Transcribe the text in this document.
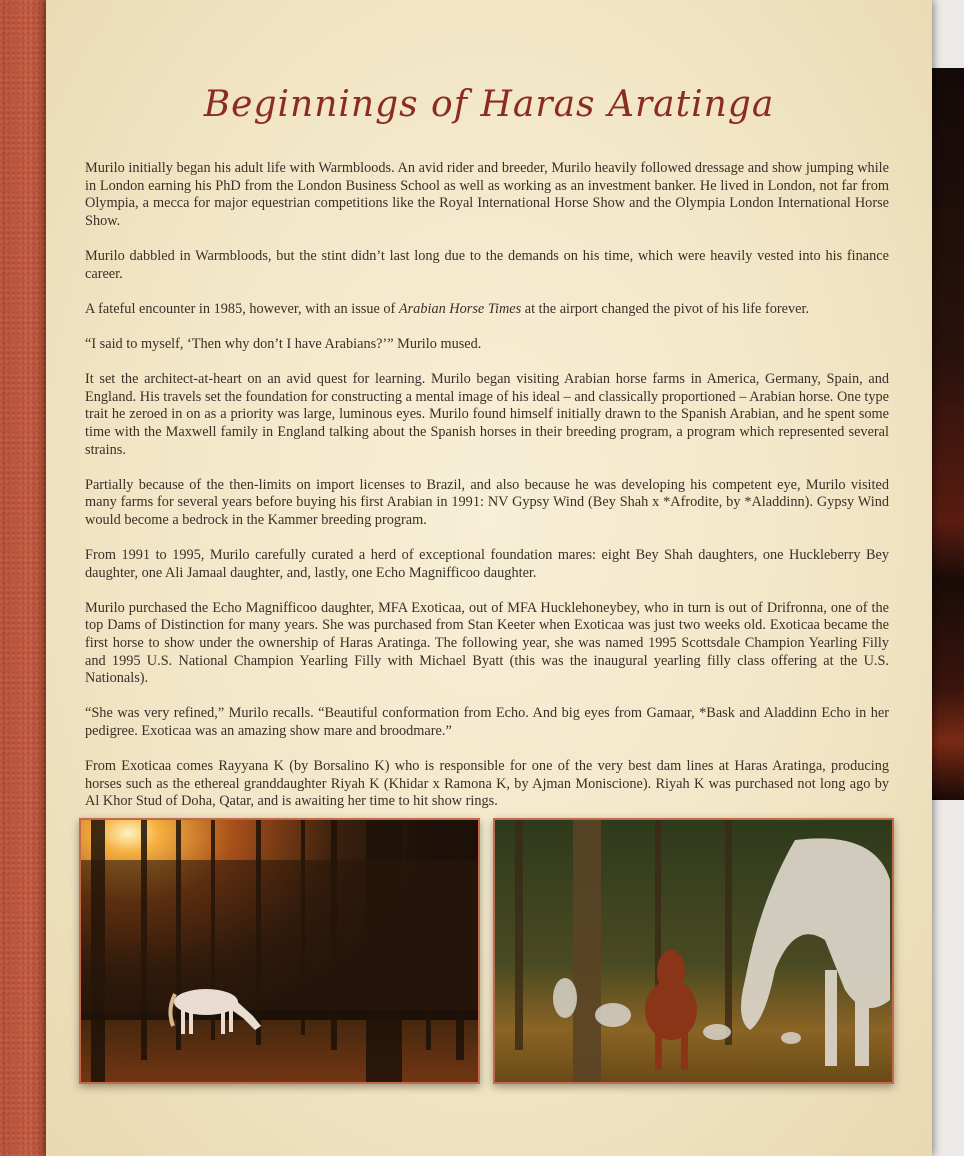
Beginnings of Haras Aratinga

Murilo initially began his adult life with Warmbloods. An avid rider and breeder, Murilo heavily followed dressage and show jumping while in London earning his PhD from the London Business School as well as working as an investment banker. He lived in London, not far from Olympia, a mecca for major equestrian competitions like the Royal International Horse Show and the Olympia London International Horse Show.

Murilo dabbled in Warmbloods, but the stint didn’t last long due to the demands on his time, which were heavily vested into his finance career.

A fateful encounter in 1985, however, with an issue of Arabian Horse Times at the airport changed the pivot of his life forever.

“I said to myself, ‘Then why don’t I have Arabians?’” Murilo mused.

It set the architect-at-heart on an avid quest for learning. Murilo began visiting Arabian horse farms in America, Germany, Spain, and England. His travels set the foundation for constructing a mental image of his ideal – and classically proportioned – Arabian horse. One type trait he zeroed in on as a priority was large, luminous eyes. Murilo found himself initially drawn to the Spanish Arabian, and he spent some time with the Maxwell family in England talking about the Spanish horses in their breeding program, a program which represented several strains.

Partially because of the then-limits on import licenses to Brazil, and also because he was developing his competent eye, Murilo visited many farms for several years before buying his first Arabian in 1991: NV Gypsy Wind (Bey Shah x *Afrodite, by *Aladdinn). Gypsy Wind would become a bedrock in the Kammer breeding program.

From 1991 to 1995, Murilo carefully curated a herd of exceptional foundation mares: eight Bey Shah daughters, one Huckleberry Bey daughter, one Ali Jamaal daughter, and, lastly, one Echo Magnifficoo daughter.

Murilo purchased the Echo Magnifficoo daughter, MFA Exoticaa, out of MFA Hucklehoneybey, who in turn is out of Drifronna, one of the top Dams of Distinction for many years. She was purchased from Stan Keeter when Exoticaa was just two weeks old. Exoticaa became the first horse to show under the ownership of Haras Aratinga. The following year, she was named 1995 Scottsdale Champion Yearling Filly and 1995 U.S. National Champion Yearling Filly with Michael Byatt (this was the inaugural yearling filly class offering at the U.S. Nationals).

“She was very refined,” Murilo recalls. “Beautiful conformation from Echo. And big eyes from Gamaar, *Bask and Aladdinn Echo in her pedigree. Exoticaa was an amazing show mare and broodmare.”

From Exoticaa comes Rayyana K (by Borsalino K) who is responsible for one of the very best dam lines at Haras Aratinga, producing horses such as the ethereal granddaughter Riyah K (Khidar x Ramona K, by Ajman Moniscione). Riyah K was purchased not long ago by Al Khor Stud of Doha, Qatar, and is awaiting her time to hit show rings.
